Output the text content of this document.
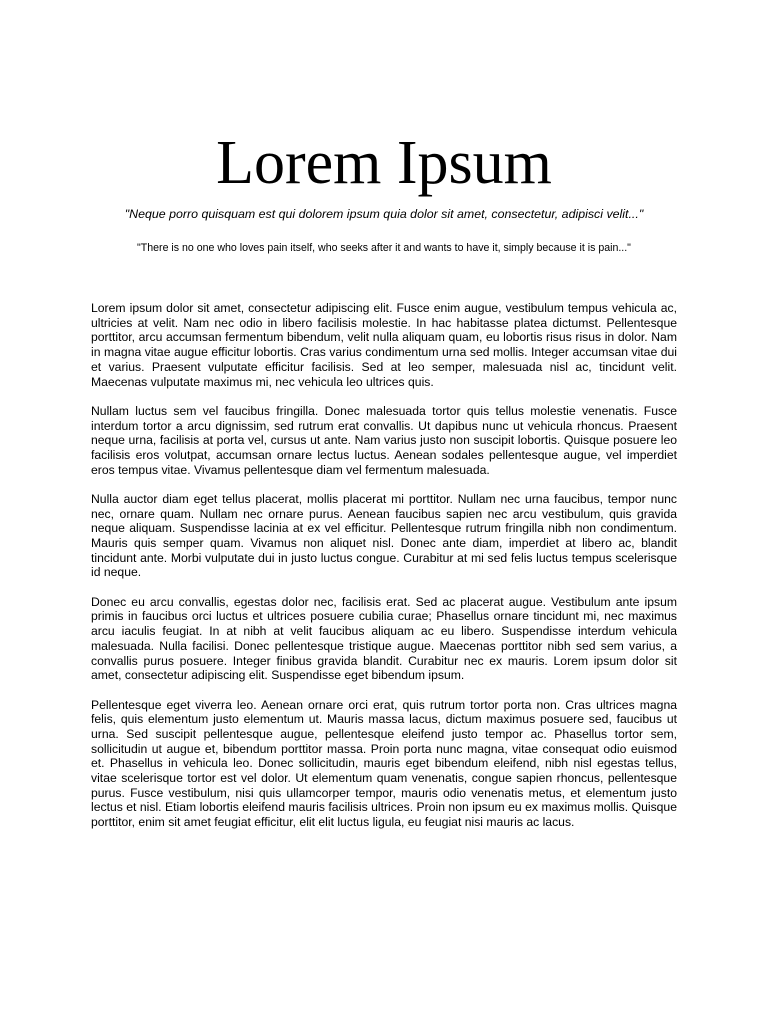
Lorem Ipsum

"Neque porro quisquam est qui dolorem ipsum quia dolor sit amet, consectetur, adipisci velit..."

"There is no one who loves pain itself, who seeks after it and wants to have it, simply because it is pain..."

Lorem ipsum dolor sit amet, consectetur adipiscing elit. Fusce enim augue, vestibulum tempus vehicula ac, ultricies at velit. Nam nec odio in libero facilisis molestie. In hac habitasse platea dictumst. Pellentesque porttitor, arcu accumsan fermentum bibendum, velit nulla aliquam quam, eu lobortis risus risus in dolor. Nam in magna vitae augue efficitur lobortis. Cras varius condimentum urna sed mollis. Integer accumsan vitae dui et varius. Praesent vulputate efficitur facilisis. Sed at leo semper, malesuada nisl ac, tincidunt velit. Maecenas vulputate maximus mi, nec vehicula leo ultrices quis.

Nullam luctus sem vel faucibus fringilla. Donec malesuada tortor quis tellus molestie venenatis. Fusce interdum tortor a arcu dignissim, sed rutrum erat convallis. Ut dapibus nunc ut vehicula rhoncus. Praesent neque urna, facilisis at porta vel, cursus ut ante. Nam varius justo non suscipit lobortis. Quisque posuere leo facilisis eros volutpat, accumsan ornare lectus luctus. Aenean sodales pellentesque augue, vel imperdiet eros tempus vitae. Vivamus pellentesque diam vel fermentum malesuada.

Nulla auctor diam eget tellus placerat, mollis placerat mi porttitor. Nullam nec urna faucibus, tempor nunc nec, ornare quam. Nullam nec ornare purus. Aenean faucibus sapien nec arcu vestibulum, quis gravida neque aliquam. Suspendisse lacinia at ex vel efficitur. Pellentesque rutrum fringilla nibh non condimentum. Mauris quis semper quam. Vivamus non aliquet nisl. Donec ante diam, imperdiet at libero ac, blandit tincidunt ante. Morbi vulputate dui in justo luctus congue. Curabitur at mi sed felis luctus tempus scelerisque id neque.

Donec eu arcu convallis, egestas dolor nec, facilisis erat. Sed ac placerat augue. Vestibulum ante ipsum primis in faucibus orci luctus et ultrices posuere cubilia curae; Phasellus ornare tincidunt mi, nec maximus arcu iaculis feugiat. In at nibh at velit faucibus aliquam ac eu libero. Suspendisse interdum vehicula malesuada. Nulla facilisi. Donec pellentesque tristique augue. Maecenas porttitor nibh sed sem varius, a convallis purus posuere. Integer finibus gravida blandit. Curabitur nec ex mauris. Lorem ipsum dolor sit amet, consectetur adipiscing elit. Suspendisse eget bibendum ipsum.

Pellentesque eget viverra leo. Aenean ornare orci erat, quis rutrum tortor porta non. Cras ultrices magna felis, quis elementum justo elementum ut. Mauris massa lacus, dictum maximus posuere sed, faucibus ut urna. Sed suscipit pellentesque augue, pellentesque eleifend justo tempor ac. Phasellus tortor sem, sollicitudin ut augue et, bibendum porttitor massa. Proin porta nunc magna, vitae consequat odio euismod et. Phasellus in vehicula leo. Donec sollicitudin, mauris eget bibendum eleifend, nibh nisl egestas tellus, vitae scelerisque tortor est vel dolor. Ut elementum quam venenatis, congue sapien rhoncus, pellentesque purus. Fusce vestibulum, nisi quis ullamcorper tempor, mauris odio venenatis metus, et elementum justo lectus et nisl. Etiam lobortis eleifend mauris facilisis ultrices. Proin non ipsum eu ex maximus mollis. Quisque porttitor, enim sit amet feugiat efficitur, elit elit luctus ligula, eu feugiat nisi mauris ac lacus.
